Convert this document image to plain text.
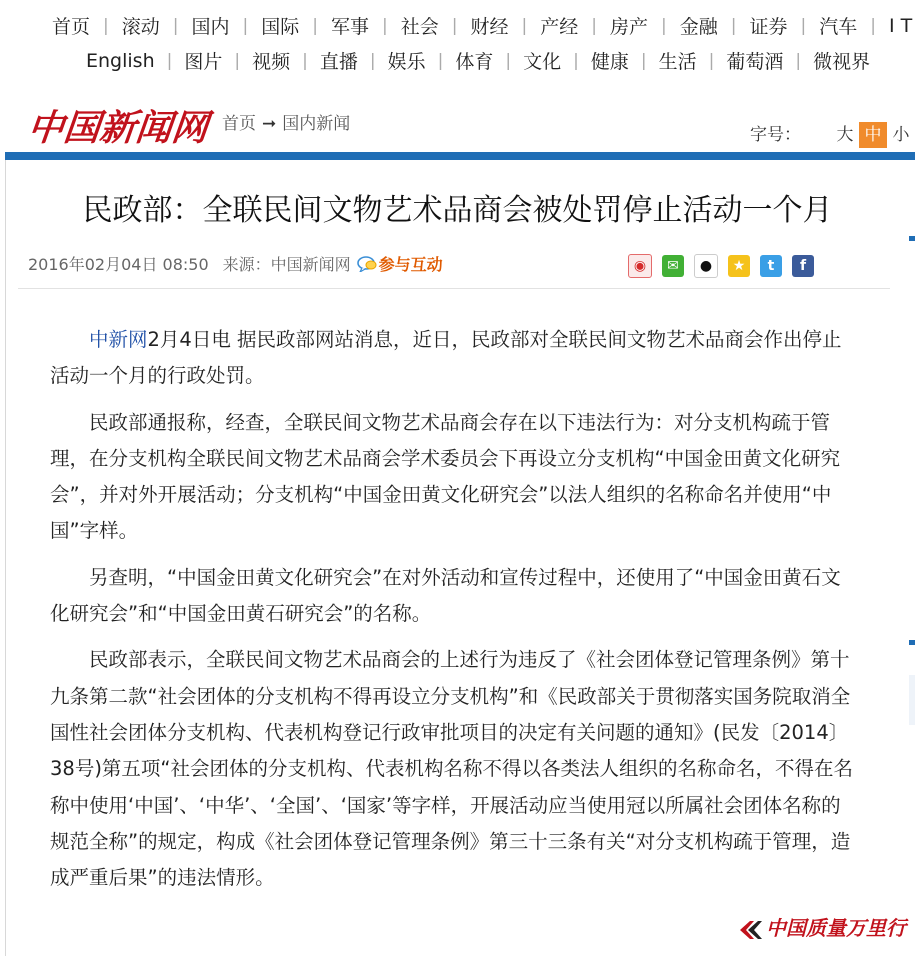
首页 | 滚动 | 国内 | 国际 | 军事 | 社会 | 财经 | 产经 | 房产 | 金融 | 证券 | 汽车 | I T
English | 图片 | 视频 | 直播 | 娱乐 | 体育 | 文化 | 健康 | 生活 | 葡萄酒 | 微视界
中国新闻网 首页 ➞ 国内新闻
字号： 大 中 小
民政部：全联民间文物艺术品商会被处罚停止活动一个月
2016年02月04日 08:50 来源：中国新闻网 参与互动	◉ ✉ ● ★ t f

中新网2月4日电 据民政部网站消息，近日，民政部对全联民间文物艺术品商会作出停止活动一个月的行政处罚。

民政部通报称，经查，全联民间文物艺术品商会存在以下违法行为：对分支机构疏于管理，在分支机构全联民间文物艺术品商会学术委员会下再设立分支机构“中国金田黄文化研究会”，并对外开展活动；分支机构“中国金田黄文化研究会”以法人组织的名称命名并使用“中国”字样。

另查明，“中国金田黄文化研究会”在对外活动和宣传过程中，还使用了“中国金田黄石文化研究会”和“中国金田黄石研究会”的名称。

民政部表示，全联民间文物艺术品商会的上述行为违反了《社会团体登记管理条例》第十九条第二款“社会团体的分支机构不得再设立分支机构”和《民政部关于贯彻落实国务院取消全国性社会团体分支机构、代表机构登记行政审批项目的决定有关问题的通知》(民发〔2014〕38号)第五项“社会团体的分支机构、代表机构名称不得以各类法人组织的名称命名，不得在名称中使用‘中国’、‘中华’、‘全国’、‘国家’等字样，开展活动应当使用冠以所属社会团体名称的规范全称”的规定，构成《社会团体登记管理条例》第三十三条有关“对分支机构疏于管理，造成严重后果”的违法情形。

中国质量万里行
